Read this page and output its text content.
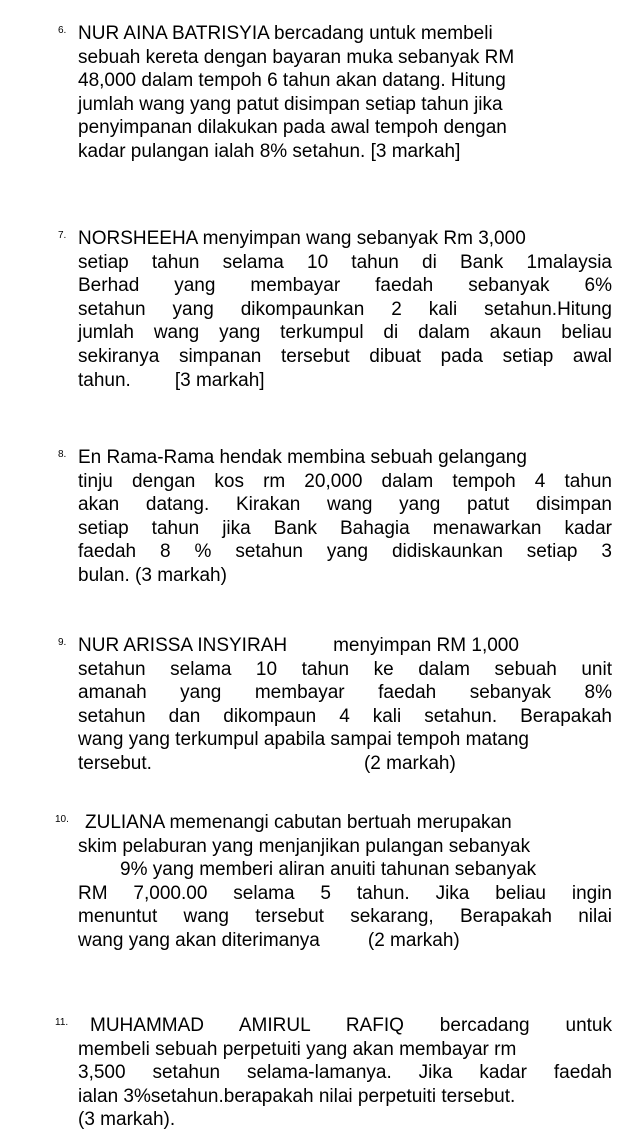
6. NUR AINA BATRISYIA bercadang untuk membeli
sebuah kereta dengan bayaran muka sebanyak RM
48,000 dalam tempoh 6 tahun akan datang. Hitung
jumlah wang yang patut disimpan setiap tahun jika
penyimpanan dilakukan pada awal tempoh dengan
kadar pulangan ialah 8% setahun. [3 markah]
7. NORSHEEHA menyimpan wang sebanyak Rm 3,000
setiap tahun selama 10 tahun di Bank 1malaysia
Berhad yang membayar faedah sebanyak 6%
setahun yang dikompaunkan 2 kali setahun.Hitung
jumlah wang yang terkumpul di dalam akaun beliau
sekiranya simpanan tersebut dibuat pada setiap awal
tahun. [3 markah]
8. En Rama-Rama hendak membina sebuah gelangang
tinju dengan kos rm 20,000 dalam tempoh 4 tahun
akan datang. Kirakan wang yang patut disimpan
setiap tahun jika Bank Bahagia menawarkan kadar
faedah 8 % setahun yang didiskaunkan setiap 3
bulan. (3 markah)
9. NUR ARISSA INSYIRAH menyimpan RM 1,000
setahun selama 10 tahun ke dalam sebuah unit
amanah yang membayar faedah sebanyak 8%
setahun dan dikompaun 4 kali setahun. Berapakah
wang yang terkumpul apabila sampai tempoh matang
tersebut.	(2 markah)
10. ZULIANA memenangi cabutan bertuah merupakan
skim pelaburan yang menjanjikan pulangan sebanyak
9% yang memberi aliran anuiti tahunan sebanyak
RM 7,000.00 selama 5 tahun. Jika beliau ingin
menuntut wang tersebut sekarang, Berapakah nilai
wang yang akan diterimanya	(2 markah)
11.	MUHAMMAD AMIRUL RAFIQ bercadang untuk
membeli sebuah perpetuiti yang akan membayar rm
3,500 setahun selama-lamanya. Jika kadar faedah
ialan 3%setahun.berapakah nilai perpetuiti tersebut.
(3 markah).
